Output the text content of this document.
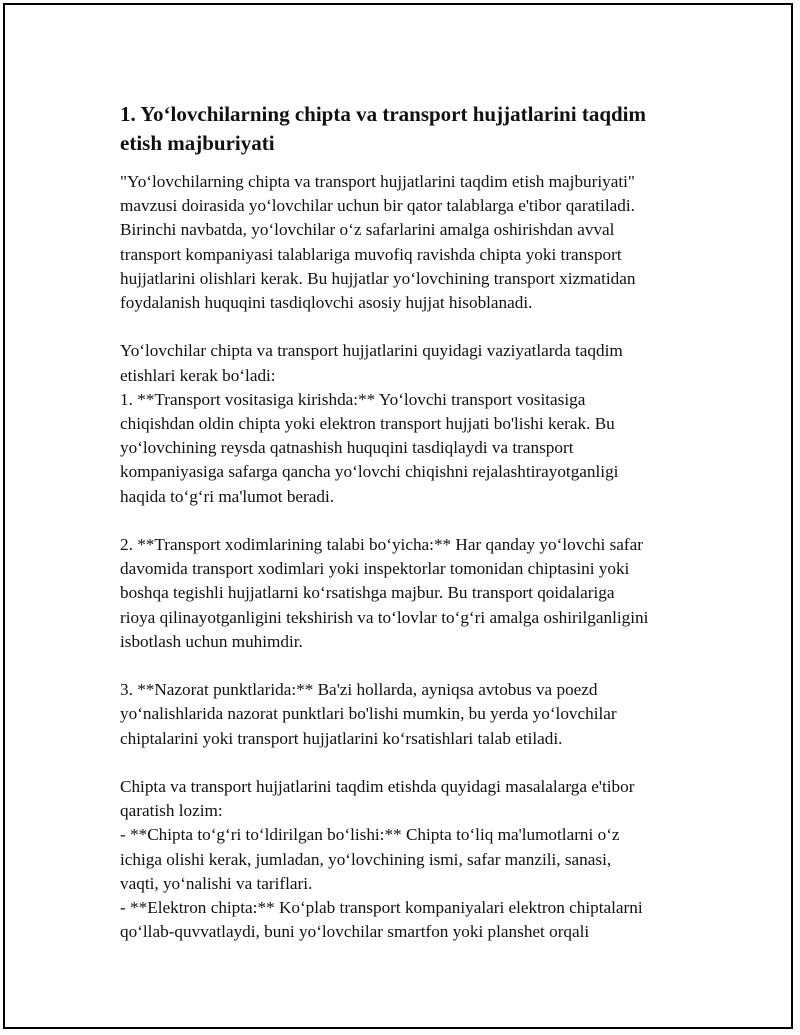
1. Yo‘lovchilarning chipta va transport hujjatlarini taqdim
etish majburiyati
"Yo‘lovchilarning chipta va transport hujjatlarini taqdim etish majburiyati"
mavzusi doirasida yo‘lovchilar uchun bir qator talablarga e'tibor qaratiladi.
Birinchi navbatda, yo‘lovchilar o‘z safarlarini amalga oshirishdan avval
transport kompaniyasi talablariga muvofiq ravishda chipta yoki transport
hujjatlarini olishlari kerak. Bu hujjatlar yo‘lovchining transport xizmatidan
foydalanish huquqini tasdiqlovchi asosiy hujjat hisoblanadi.
Yo‘lovchilar chipta va transport hujjatlarini quyidagi vaziyatlarda taqdim
etishlari kerak bo‘ladi:
1. **Transport vositasiga kirishda:** Yo‘lovchi transport vositasiga
chiqishdan oldin chipta yoki elektron transport hujjati bo'lishi kerak. Bu
yo‘lovchining reysda qatnashish huquqini tasdiqlaydi va transport
kompaniyasiga safarga qancha yo‘lovchi chiqishni rejalashtirayotganligi
haqida to‘g‘ri ma'lumot beradi.
2. **Transport xodimlarining talabi bo‘yicha:** Har qanday yo‘lovchi safar
davomida transport xodimlari yoki inspektorlar tomonidan chiptasini yoki
boshqa tegishli hujjatlarni ko‘rsatishga majbur. Bu transport qoidalariga
rioya qilinayotganligini tekshirish va to‘lovlar to‘g‘ri amalga oshirilganligini
isbotlash uchun muhimdir.
3. **Nazorat punktlarida:** Ba'zi hollarda, ayniqsa avtobus va poezd
yo‘nalishlarida nazorat punktlari bo'lishi mumkin, bu yerda yo‘lovchilar
chiptalarini yoki transport hujjatlarini ko‘rsatishlari talab etiladi.
Chipta va transport hujjatlarini taqdim etishda quyidagi masalalarga e'tibor
qaratish lozim:
- **Chipta to‘g‘ri to‘ldirilgan bo‘lishi:** Chipta to‘liq ma'lumotlarni o‘z
ichiga olishi kerak, jumladan, yo‘lovchining ismi, safar manzili, sanasi,
vaqti, yo‘nalishi va tariflari.
- **Elektron chipta:** Ko‘plab transport kompaniyalari elektron chiptalarni
qo‘llab-quvvatlaydi, buni yo‘lovchilar smartfon yoki planshet orqali
